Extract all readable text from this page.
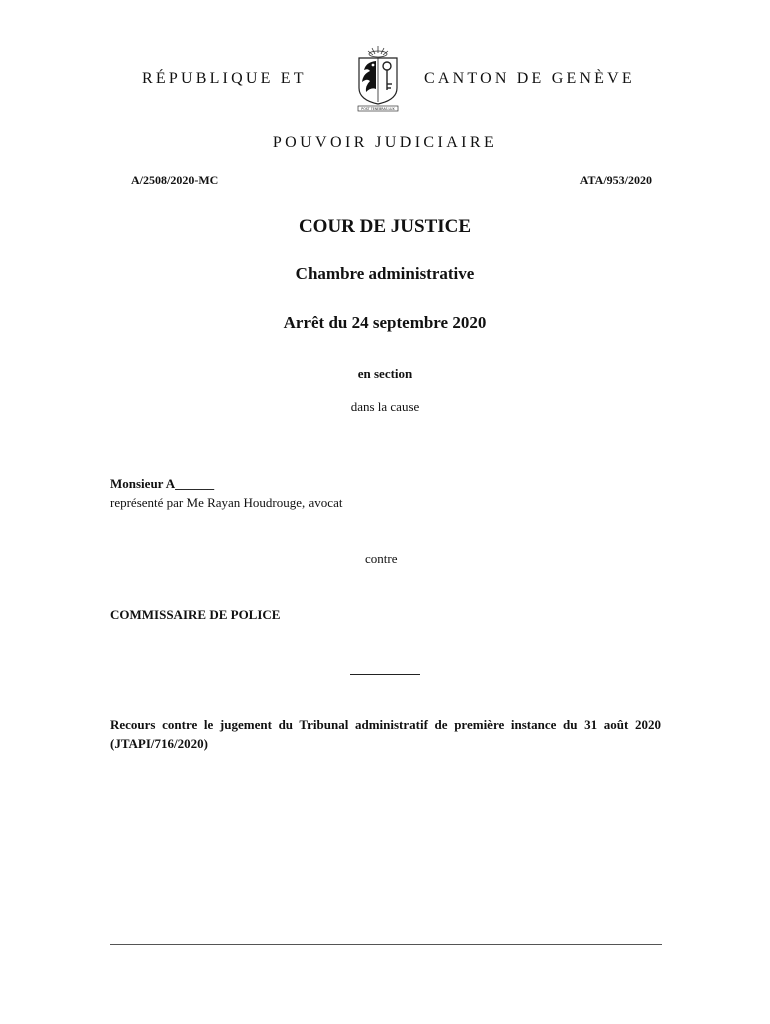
RÉPUBLIQUE ET
POST TENEBRAS LUX
CANTON DE GENÈVE
POUVOIR JUDICIAIRE
A/2508/2020-MC	ATA/953/2020
COUR DE JUSTICE
Chambre administrative
Arrêt du 24 septembre 2020
en section
dans la cause
Monsieur A______
représenté par Me Rayan Houdrouge, avocat
contre
COMMISSAIRE DE POLICE
Recours contre le jugement du Tribunal administratif de première instance du 31 août 2020 (JTAPI/716/2020)
